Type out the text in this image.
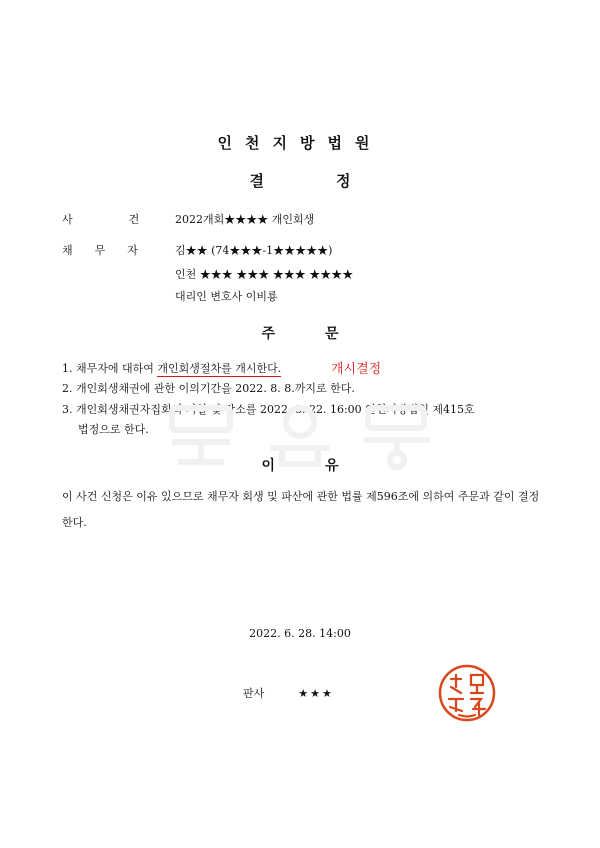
인천지방법원
결	정
사건
2022개회★★★★ 개인회생
채무자 김★★ (74★★★-1★★★★★)
인천 ★★★ ★★★ ★★★ ★★★★
대리인 변호사 이비룡
주	문
1. 채무자에 대하여 개인회생절차를 개시한다.	개시결정
2. 개인회생채권에 관한 이의기간을 2022. 8. 8.까지로 한다.
3. 개인회생채권자집회의 기일 및 장소를 2022. 8. 22. 16:00 인천지방법원 제415호
법정으로 한다.
이	유
이 사건 신청은 이유 있으므로 채무자 회생 및 파산에 관한 법률 제596조에 의하여 주문과 같이 결정한다.
2022. 6. 28. 14:00
판사	★★★
